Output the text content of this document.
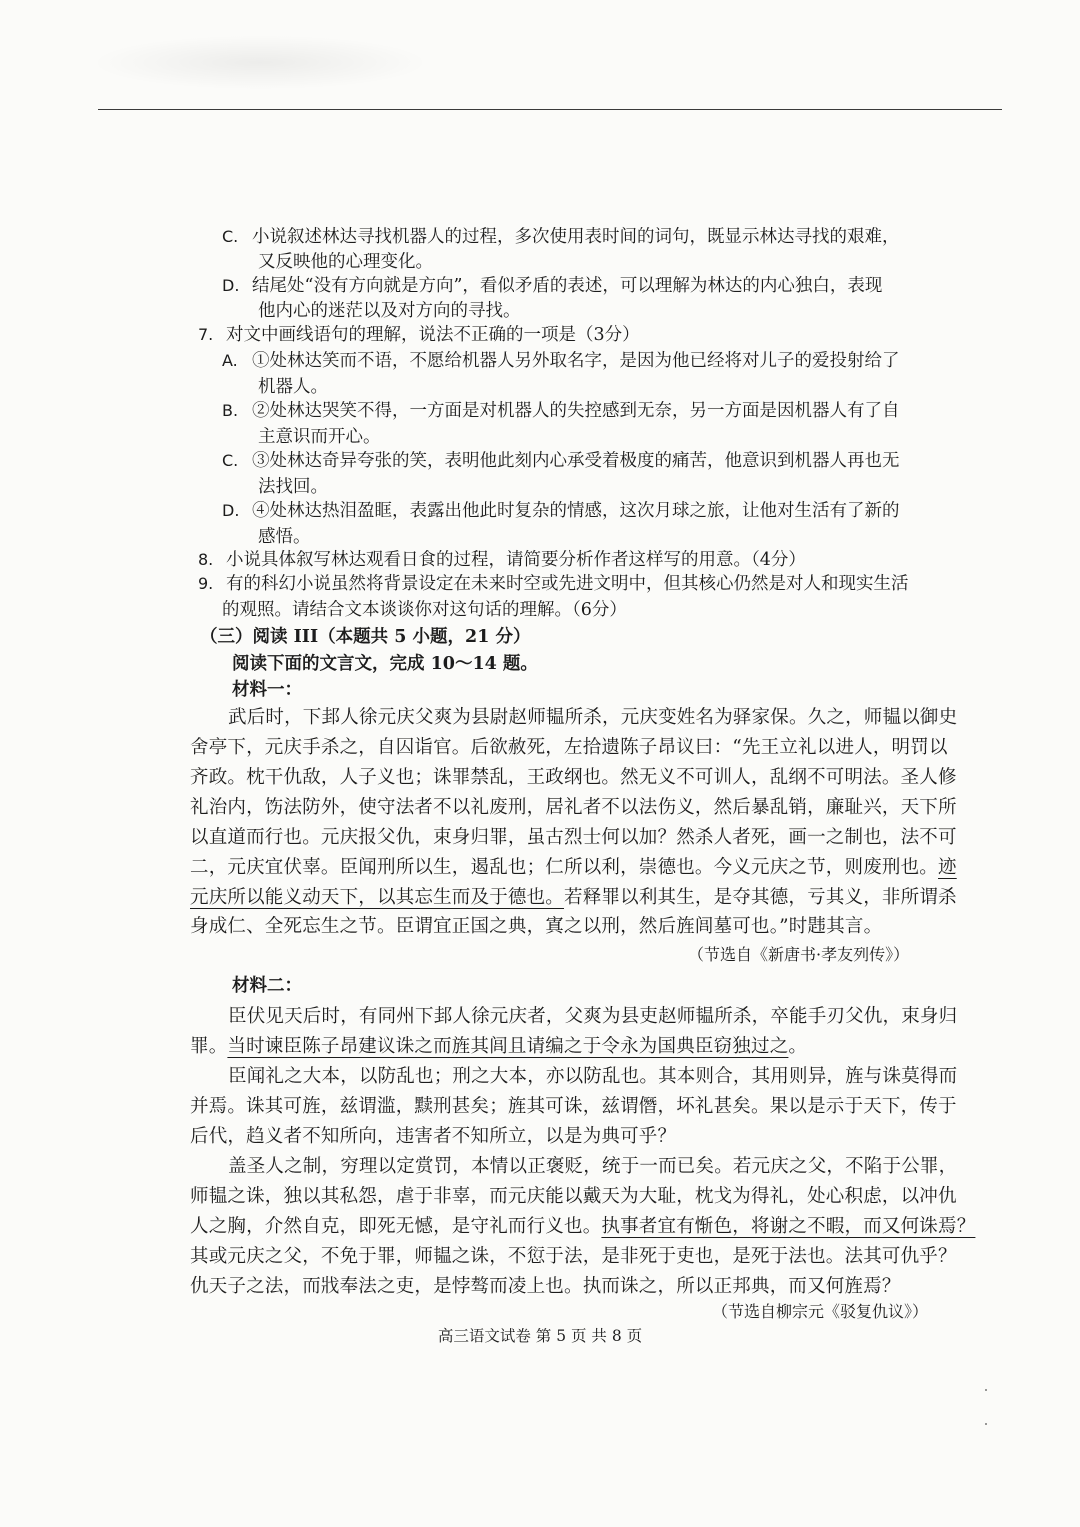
C. 小说叙述林达寻找机器人的过程，多次使用表时间的词句，既显示林达寻找的艰难，
又反映他的心理变化。
D. 结尾处“没有方向就是方向”，看似矛盾的表述，可以理解为林达的内心独白，表现
他内心的迷茫以及对方向的寻找。
7. 对文中画线语句的理解，说法不正确的一项是（3分）
A. ①处林达笑而不语，不愿给机器人另外取名字，是因为他已经将对儿子的爱投射给了
机器人。
B. ②处林达哭笑不得，一方面是对机器人的失控感到无奈，另一方面是因机器人有了自
主意识而开心。
C. ③处林达奇异夸张的笑，表明他此刻内心承受着极度的痛苦，他意识到机器人再也无
法找回。
D. ④处林达热泪盈眶，表露出他此时复杂的情感，这次月球之旅，让他对生活有了新的
感悟。
8. 小说具体叙写林达观看日食的过程，请简要分析作者这样写的用意。（4分）
9. 有的科幻小说虽然将背景设定在未来时空或先进文明中，但其核心仍然是对人和现实生活
的观照。请结合文本谈谈你对这句话的理解。（6分）
（三）阅读 III（本题共 5 小题，21 分）
阅读下面的文言文，完成 10～14 题。
材料一：
武后时，下邽人徐元庆父爽为县尉赵师韫所杀，元庆变姓名为驿家保。久之，师韫以御史
舍亭下，元庆手杀之，自囚诣官。后欲赦死，左拾遗陈子昂议曰：“先王立礼以进人，明罚以
齐政。枕干仇敌，人子义也；诛罪禁乱，王政纲也。然无义不可训人，乱纲不可明法。圣人修
礼治内，饬法防外，使守法者不以礼废刑，居礼者不以法伤义，然后暴乱销，廉耻兴，天下所
以直道而行也。元庆报父仇，束身归罪，虽古烈士何以加？然杀人者死，画一之制也，法不可
二，元庆宜伏辜。臣闻刑所以生，遏乱也；仁所以利，崇德也。今义元庆之节，则废刑也。迹
元庆所以能义动天下，以其忘生而及于德也。若释罪以利其生，是夺其德，亏其义，非所谓杀
身成仁、全死忘生之节。臣谓宜正国之典，寘之以刑，然后旌闾墓可也。”时韪其言。
（节选自《新唐书·孝友列传》）
材料二：
臣伏见天后时，有同州下邽人徐元庆者，父爽为县吏赵师韫所杀，卒能手刃父仇，束身归
罪。当时谏臣陈子昂建议诛之而旌其闾且请编之于令永为国典臣窃独过之。
臣闻礼之大本，以防乱也；刑之大本，亦以防乱也。其本则合，其用则异，旌与诛莫得而
并焉。诛其可旌，兹谓滥，黩刑甚矣；旌其可诛，兹谓僭，坏礼甚矣。果以是示于天下，传于
后代，趋义者不知所向，违害者不知所立，以是为典可乎？
盖圣人之制，穷理以定赏罚，本情以正褒贬，统于一而已矣。若元庆之父，不陷于公罪，
师韫之诛，独以其私怨，虐于非辜，而元庆能以戴天为大耻，枕戈为得礼，处心积虑，以冲仇
人之胸，介然自克，即死无憾，是守礼而行义也。执事者宜有惭色，将谢之不暇，而又何诛焉？
其或元庆之父，不免于罪，师韫之诛，不愆于法，是非死于吏也，是死于法也。法其可仇乎？
仇天子之法，而戕奉法之吏，是悖骜而凌上也。执而诛之，所以正邦典，而又何旌焉？
（节选自柳宗元《驳复仇议》）
高三语文试卷 第 5 页 共 8 页
